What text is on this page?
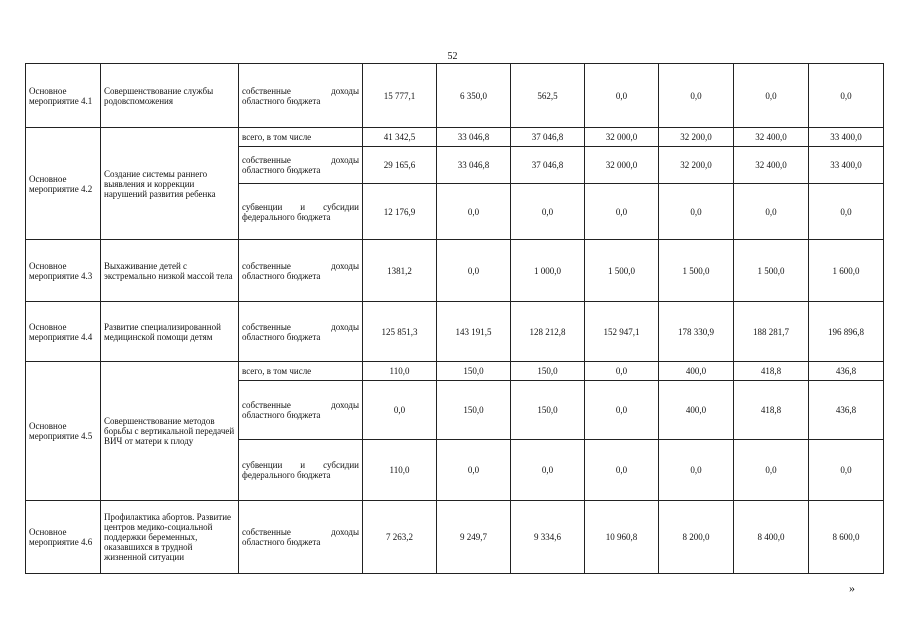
52
Основное мероприятие 4.1	Совершенствование службы родовспоможения	собственные доходы областного бюджета	15 777,1	6 350,0	562,5	0,0	0,0	0,0	0,0
Основное мероприятие 4.2	Создание системы раннего выявления и коррекции нарушений развития ребенка	всего, в том числе	41 342,5	33 046,8	37 046,8	32 000,0	32 200,0	32 400,0	33 400,0
		собственные доходы областного бюджета	29 165,6	33 046,8	37 046,8	32 000,0	32 200,0	32 400,0	33 400,0
		субвенции и субсидии федерального бюджета	12 176,9	0,0	0,0	0,0	0,0	0,0	0,0
Основное мероприятие 4.3	Выхаживание детей с экстремально низкой массой тела	собственные доходы областного бюджета	1381,2	0,0	1 000,0	1 500,0	1 500,0	1 500,0	1 600,0
Основное мероприятие 4.4	Развитие специализированной медицинской помощи детям	собственные доходы областного бюджета	125 851,3	143 191,5	128 212,8	152 947,1	178 330,9	188 281,7	196 896,8
Основное мероприятие 4.5	Совершенствование методов борьбы с вертикальной передачей ВИЧ от матери к плоду	всего, в том числе	110,0	150,0	150,0	0,0	400,0	418,8	436,8
		собственные доходы областного бюджета	0,0	150,0	150,0	0,0	400,0	418,8	436,8
		субвенции и субсидии федерального бюджета	110,0	0,0	0,0	0,0	0,0	0,0	0,0
Основное мероприятие 4.6	Профилактика абортов. Развитие центров медико-социальной поддержки беременных, оказавшихся в трудной жизненной ситуации	собственные доходы областного бюджета	7 263,2	9 249,7	9 334,6	10 960,8	8 200,0	8 400,0	8 600,0
»
